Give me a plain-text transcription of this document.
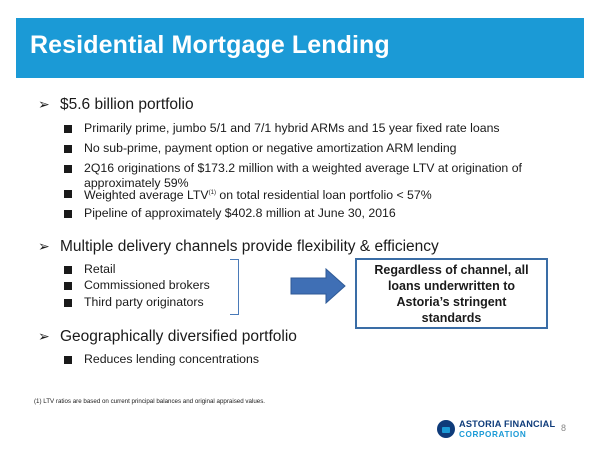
Residential Mortgage Lending
➢ $5.6 billion portfolio
Primarily prime, jumbo 5/1 and 7/1 hybrid ARMs and 15 year fixed rate loans
No sub-prime, payment option or negative amortization ARM lending
2Q16 originations of $173.2 million with a weighted average LTV at origination of approximately 59%
Weighted average LTV$^{(1)}$ on total residential loan portfolio < 57%
Pipeline of approximately $402.8 million at June 30, 2016
➢ Multiple delivery channels provide flexibility & efficiency
Retail
Commissioned brokers
Third party originators
Regardless of channel, all loans underwritten to Astoria’s stringent standards
➢ Geographically diversified portfolio
Reduces lending concentrations
(1) LTV ratios are based on current principal balances and original appraised values.
ASTORIA FINANCIAL
CORPORATION
8
